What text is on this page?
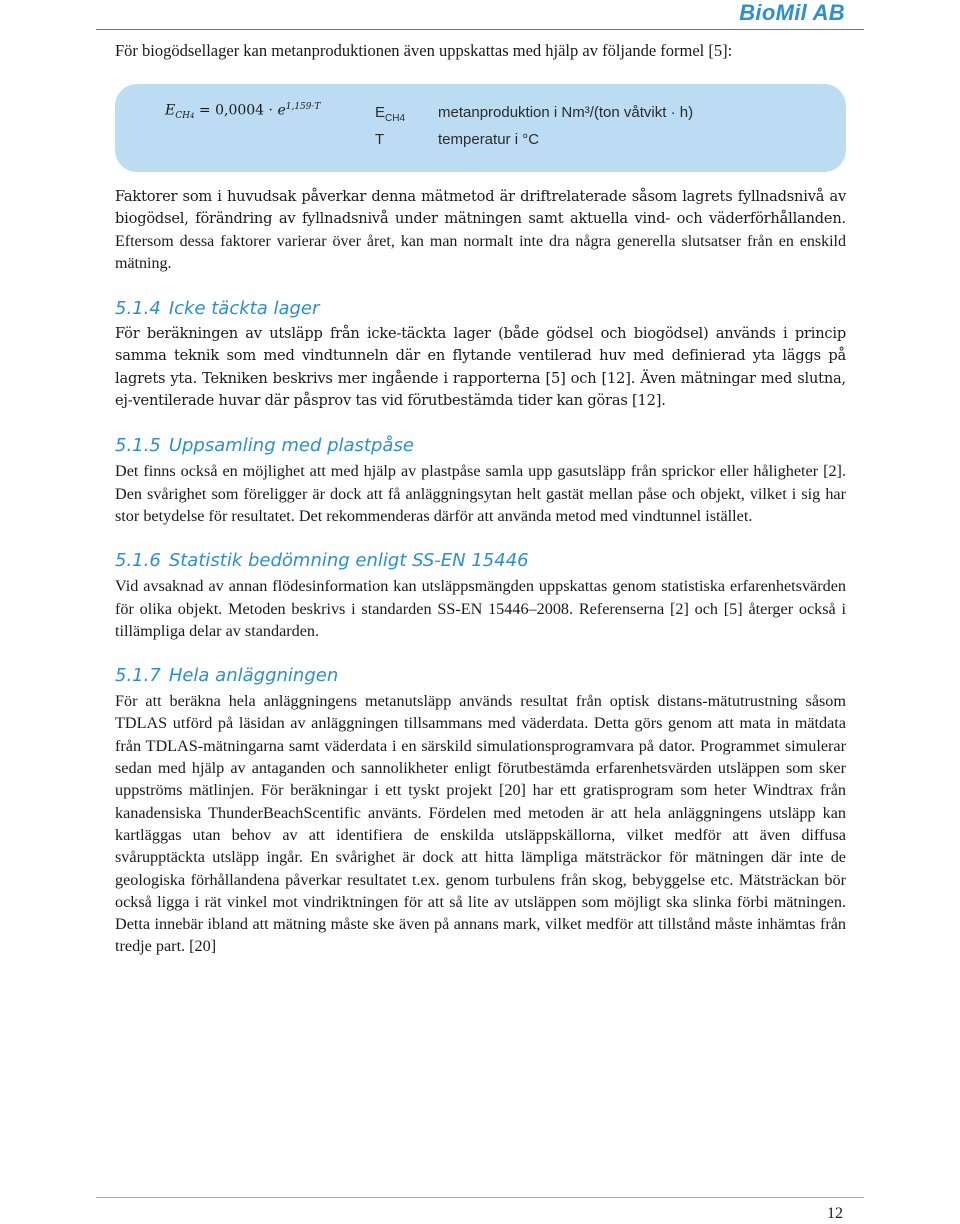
BioMil AB

För biogödsellager kan metanproduktionen även uppskattas med hjälp av följande formel [5]:

$E_{CH4} = 0,0004 \cdot e^{1,159\cdot T}$	$E_{CH4}$ metanproduktion i Nm³/(ton våtvikt · h)
T	temperatur i °C

Faktorer som i huvudsak påverkar denna mätmetod är driftrelaterade såsom lagrets fyllnadsnivå av biogödsel, förändring av fyllnadsnivå under mätningen samt aktuella vind- och väderförhållanden. Eftersom dessa faktorer varierar över året, kan man normalt inte dra några generella slutsatser från en enskild mätning.

5.1.4 Icke täckta lager

För beräkningen av utsläpp från icke-täckta lager (både gödsel och biogödsel) används i princip samma teknik som med vindtunneln där en flytande ventilerad huv med definierad yta läggs på lagrets yta. Tekniken beskrivs mer ingående i rapporterna [5] och [12]. Även mätningar med slutna, ej-ventilerade huvar där påsprov tas vid förutbestämda tider kan göras [12].

5.1.5 Uppsamling med plastpåse

Det finns också en möjlighet att med hjälp av plastpåse samla upp gasutsläpp från sprickor eller håligheter [2]. Den svårighet som föreligger är dock att få anläggningsytan helt gastät mellan påse och objekt, vilket i sig har stor betydelse för resultatet. Det rekommenderas därför att använda metod med vindtunnel istället.

5.1.6 Statistik bedömning enligt SS-EN 15446

Vid avsaknad av annan flödesinformation kan utsläppsmängden uppskattas genom statistiska erfarenhetsvärden för olika objekt. Metoden beskrivs i standarden SS-EN 15446–2008. Referenserna [2] och [5] återger också i tillämpliga delar av standarden.

5.1.7 Hela anläggningen

För att beräkna hela anläggningens metanutsläpp används resultat från optisk distans-mätutrustning såsom TDLAS utförd på läsidan av anläggningen tillsammans med väderdata. Detta görs genom att mata in mätdata från TDLAS-mätningarna samt väderdata i en särskild simulationsprogramvara på dator. Programmet simulerar sedan med hjälp av antaganden och sannolikheter enligt förutbestämda erfarenhetsvärden utsläppen som sker uppströms mätlinjen. För beräkningar i ett tyskt projekt [20] har ett gratisprogram som heter Windtrax från kanadensiska ThunderBeachScentific använts. Fördelen med metoden är att hela anläggningens utsläpp kan kartläggas utan behov av att identifiera de enskilda utsläppskällorna, vilket medför att även diffusa svårupptäckta utsläpp ingår. En svårighet är dock att hitta lämpliga mätsträckor för mätningen där inte de geologiska förhållandena påverkar resultatet t.ex. genom turbulens från skog, bebyggelse etc. Mätsträckan bör också ligga i rät vinkel mot vindriktningen för att så lite av utsläppen som möjligt ska slinka förbi mätningen. Detta innebär ibland att mätning måste ske även på annans mark, vilket medför att tillstånd måste inhämtas från tredje part. [20]

12
